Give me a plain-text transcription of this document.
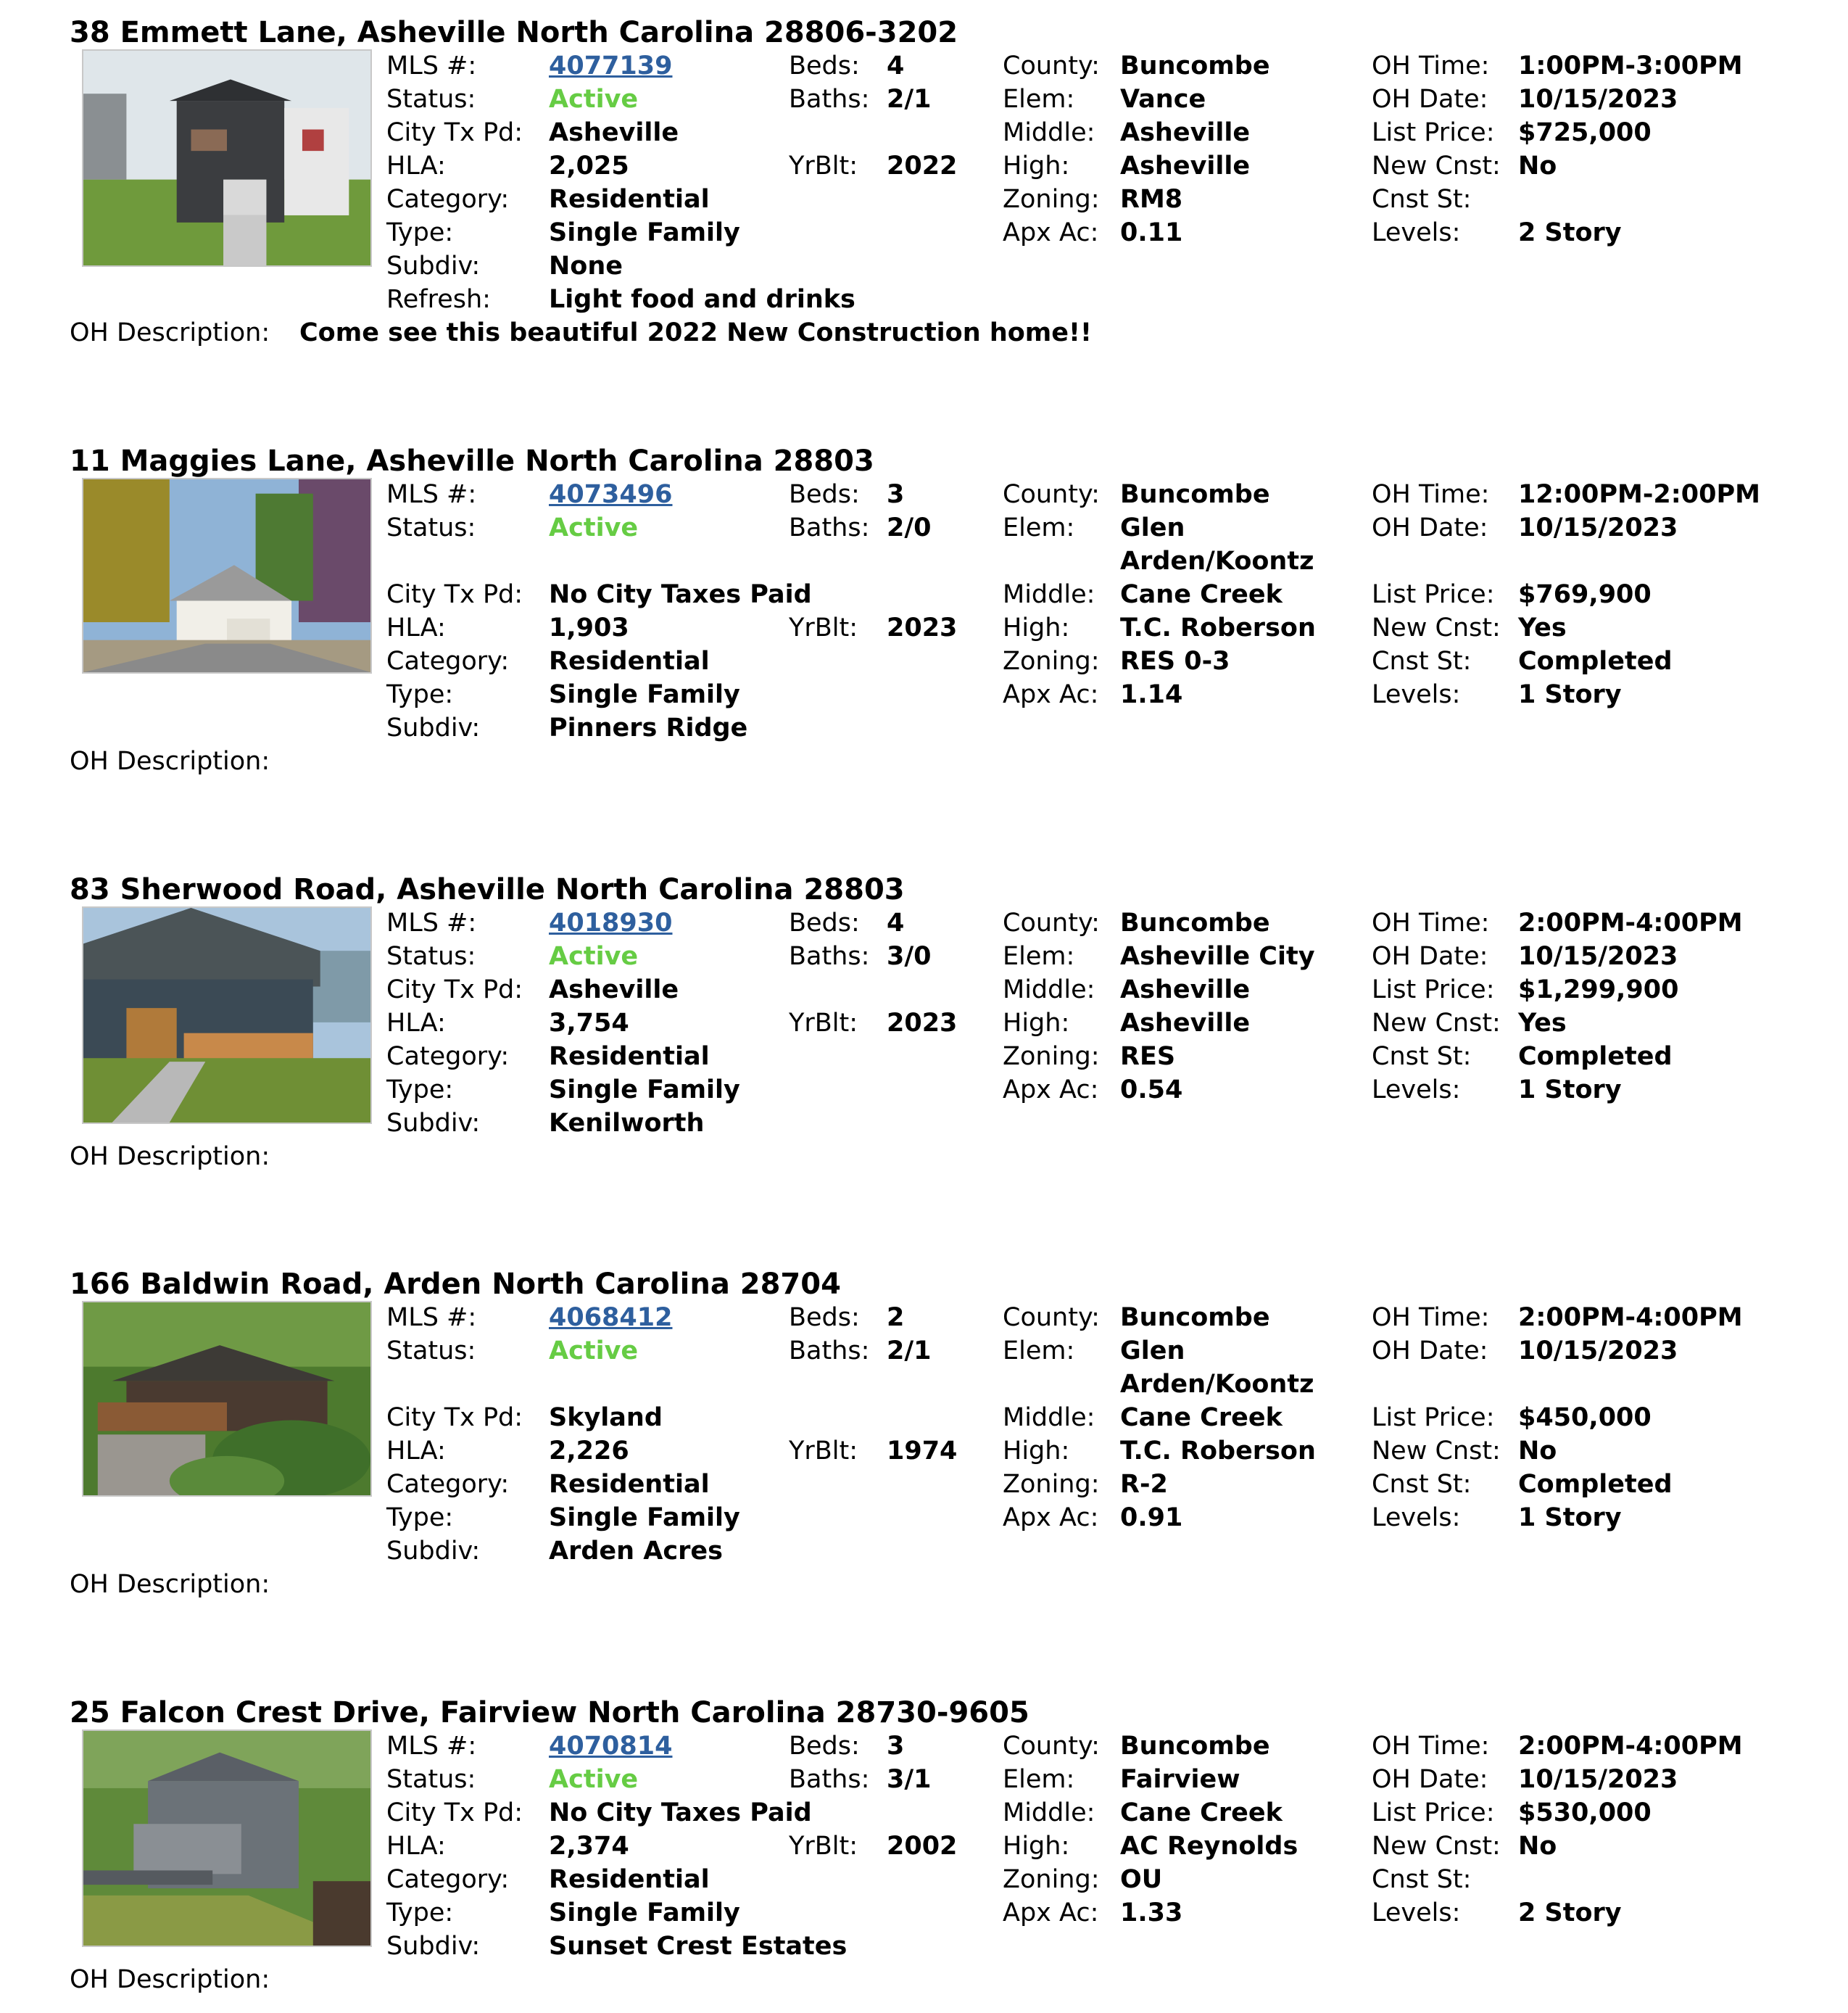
38 Emmett Lane, Asheville North Carolina 28806-3202
MLS #:	4077139
Status:	Active
City Tx Pd: Asheville
HLA:	2,025
Category: Residential
Type:	Single Family
Subdiv:	None
Refresh: Light food and drinks
Beds: 4
Baths: 2/1
YrBlt: 2022
County: Buncombe
Elem: Vance
Middle: Asheville
High: Asheville
Zoning: RM8
Apx Ac: 0.11
OH Time: 1:00PM-3:00PM
OH Date: 10/15/2023
List Price: $725,000
New Cnst: No
Cnst St:
Levels: 2 Story
OH Description: Come see this beautiful 2022 New Construction home!!
11 Maggies Lane, Asheville North Carolina 28803
MLS #:	4073496
Status:	Active
City Tx Pd: No City Taxes Paid
HLA:	1,903
Category: Residential
Type:	Single Family
Subdiv:	Pinners Ridge
Beds: 3
Baths: 2/0
YrBlt: 2023
County: Buncombe
Elem: Glen
Arden/Koontz
Middle: Cane Creek
High: T.C. Roberson
Zoning: RES 0-3
Apx Ac: 1.14
OH Time: 12:00PM-2:00PM
OH Date: 10/15/2023
List Price: $769,900
New Cnst: Yes
Cnst St: Completed
Levels: 1 Story
OH Description:
83 Sherwood Road, Asheville North Carolina 28803
MLS #:	4018930
Status:	Active
City Tx Pd: Asheville
HLA:	3,754
Category: Residential
Type:	Single Family
Subdiv:	Kenilworth
Beds: 4
Baths: 3/0
YrBlt: 2023
County: Buncombe
Elem: Asheville City
Middle: Asheville
High: Asheville
Zoning: RES
Apx Ac: 0.54
OH Time: 2:00PM-4:00PM
OH Date: 10/15/2023
List Price: $1,299,900
New Cnst: Yes
Cnst St: Completed
Levels: 1 Story
OH Description:
166 Baldwin Road, Arden North Carolina 28704
MLS #:	4068412
Status:	Active
City Tx Pd: Skyland
HLA:	2,226
Category: Residential
Type:	Single Family
Subdiv:	Arden Acres
Beds: 2
Baths: 2/1
YrBlt: 1974
County: Buncombe
Elem: Glen
Arden/Koontz
Middle: Cane Creek
High: T.C. Roberson
Zoning: R-2
Apx Ac: 0.91
OH Time: 2:00PM-4:00PM
OH Date: 10/15/2023
List Price: $450,000
New Cnst: No
Cnst St: Completed
Levels: 1 Story
OH Description:
25 Falcon Crest Drive, Fairview North Carolina 28730-9605
MLS #:	4070814
Status:	Active
City Tx Pd: No City Taxes Paid
HLA:	2,374
Category: Residential
Type:	Single Family
Subdiv:	Sunset Crest Estates
Beds: 3
Baths: 3/1
YrBlt: 2002
County: Buncombe
Elem: Fairview
Middle: Cane Creek
High: AC Reynolds
Zoning: OU
Apx Ac: 1.33
OH Time: 2:00PM-4:00PM
OH Date: 10/15/2023
List Price: $530,000
New Cnst: No
Cnst St:
Levels: 2 Story
OH Description:
